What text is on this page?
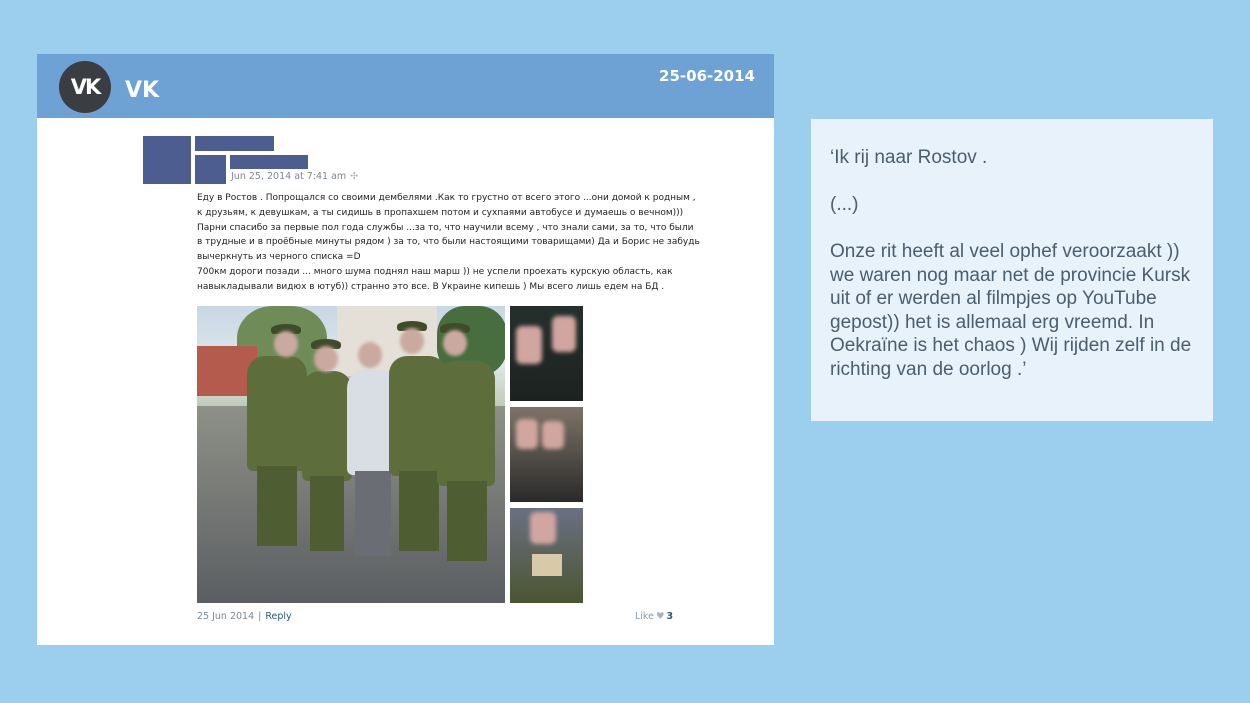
VK	VK
25-06-2014
Jun 25, 2014 at 7:41 am ✣
Еду в Ростов . Попрощался со своими дембелями .Как то грустно от всего этого ...они домой к родным ,
к друзьям, к девушкам, а ты сидишь в пропахшем потом и сухпаями автобусе и думаешь о вечном)))
Парни спасибо за первые пол года службы ...за то, что научили всему , что знали сами, за то, что были
в трудные и в проёбные минуты рядом ) за то, что были настоящими товарищами) Да и Борис не забудь
вычеркнуть из черного списка =D
700км дороги позади ... много шума поднял наш марш )) не успели проехать курскую область, как
навыкладывали видюх в ютуб)) странно это все. В Украине кипешь ) Мы всего лишь едем на БД .
25 Jun 2014 | Reply	Like ♥ 3

‘Ik rij naar Rostov .

(...)

Onze rit heeft al veel ophef veroorzaakt )) we waren nog maar net de provincie Kursk uit of er werden al filmpjes op YouTube gepost)) het is allemaal erg vreemd. In Oekraïne is het chaos ) Wij rijden zelf in de richting van de oorlog .’
